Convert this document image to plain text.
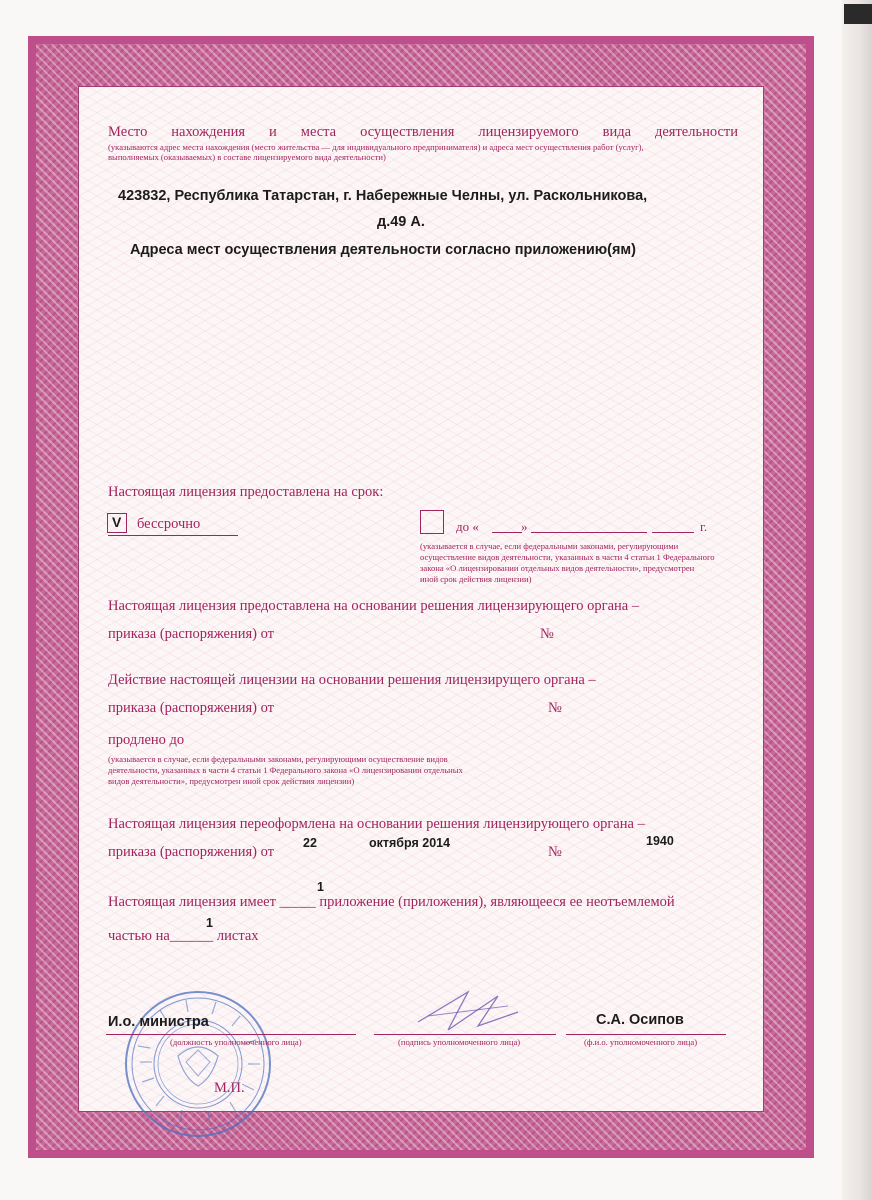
Место нахождения и места осуществления лицензируемого вида деятельности
(указываются адрес места нахождения (место жительства — для индивидуального предпринимателя) и адреса мест осуществления работ (услуг),
выполняемых (оказываемых) в составе лицензируемого вида деятельности)
423832, Республика Татарстан, г. Набережные Челны, ул. Раскольникова,
д.49 А.
Адреса мест осуществления деятельности согласно приложению(ям)
Настоящая лицензия предоставлена на срок:
V бессрочно	до «	»	г.
(указывается в случае, если федеральными законами, регулирующими
осуществление видов деятельности, указанных в части 4 статьи 1 Федерального
закона «О лицензировании отдельных видов деятельности», предусмотрен
иной срок действия лицензии)
Настоящая лицензия предоставлена на основании решения лицензирующего органа –
приказа (распоряжения) от	№
Действие настоящей лицензии на основании решения лицензирущего органа –
приказа (распоряжения) от	№
продлено до
(указывается в случае, если федеральными законами, регулирующими осуществление видов
деятельности, указанных в части 4 статьи 1 Федерального закона «О лицензировании отдельных
видов деятельности», предусмотрен иной срок действия лицензии)
Настоящая лицензия переоформлена на основании решения лицензирующего органа –
приказа (распоряжения) от
22	октября 2014
№
1940
1
Настоящая лицензия имеет _____ приложение (приложения), являющееся ее неотъемлемой
1
частью на______ листах
И.о. министра	С.А. Осипов
(должность уполномоченного лица)	(подпись уполномоченного лица)	(ф.и.о. уполномоченного лица)
М.П.
